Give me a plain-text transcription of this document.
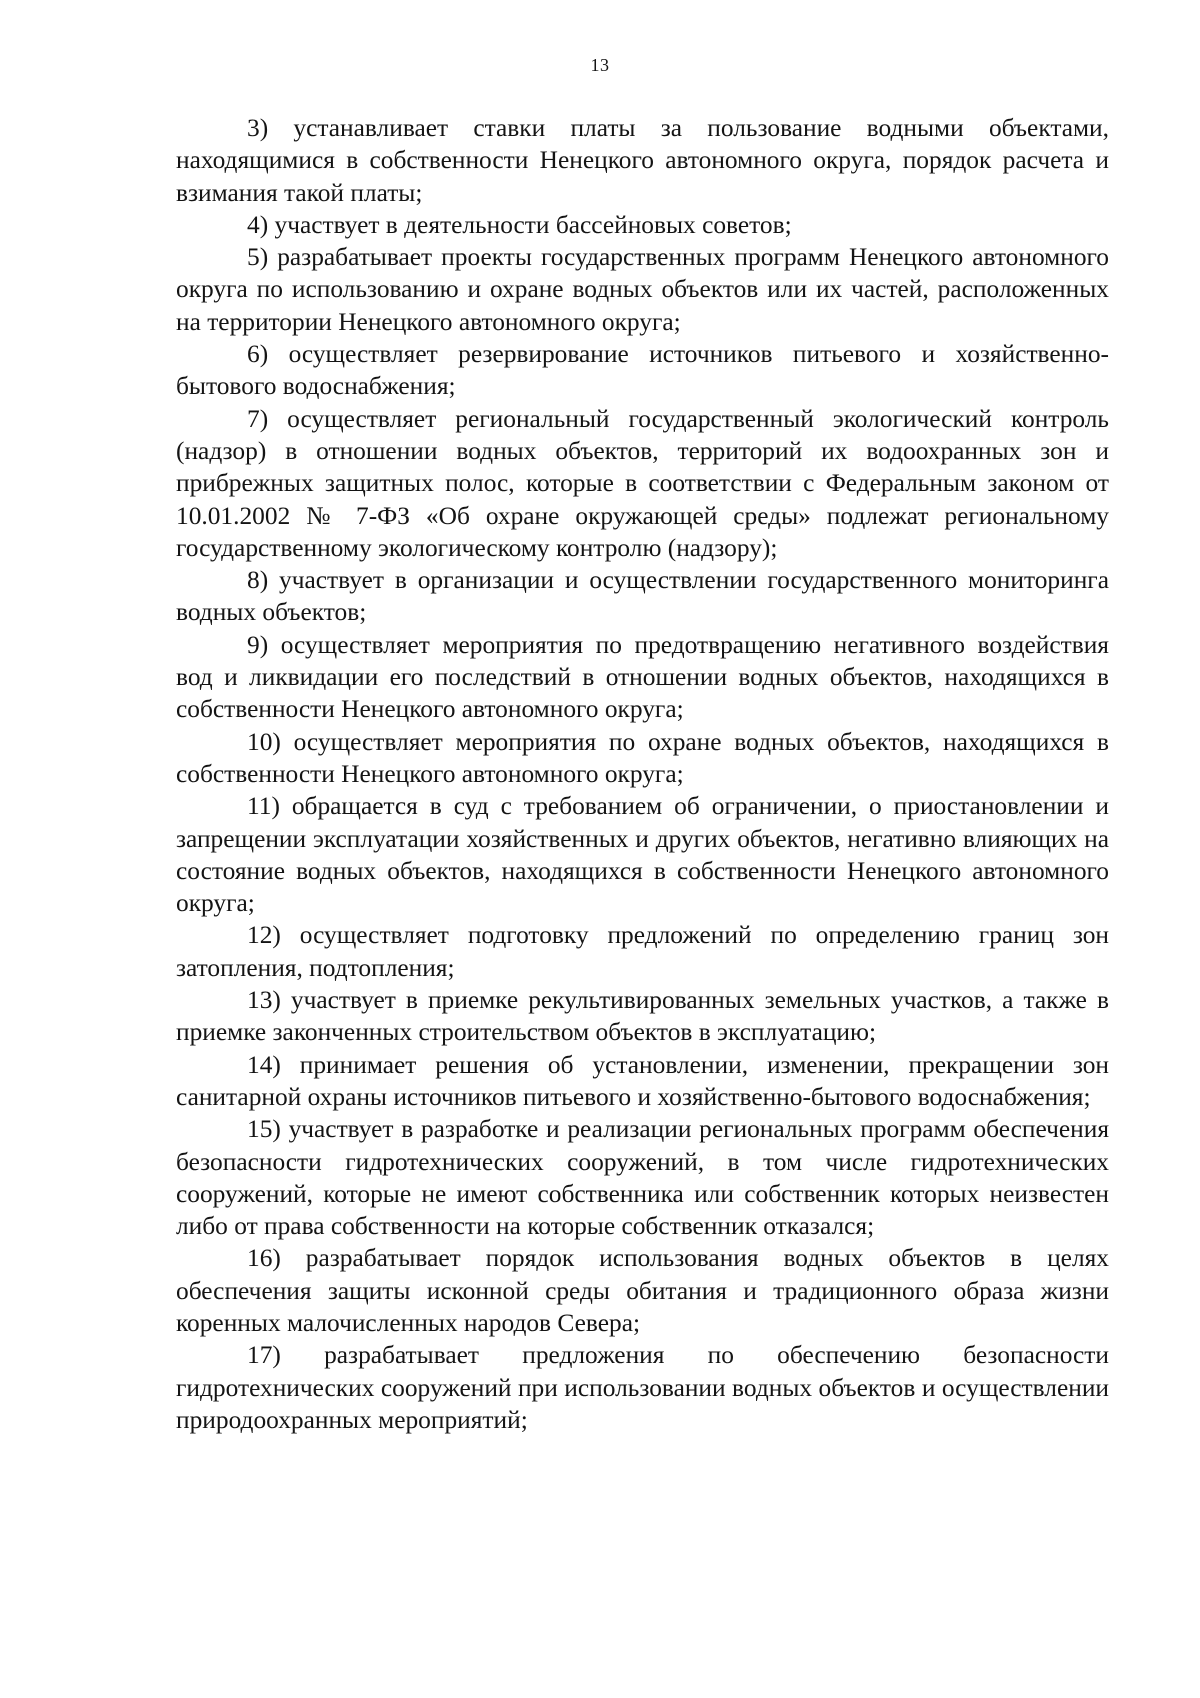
13

3) устанавливает ставки платы за пользование водными объектами, находящимися в собственности Ненецкого автономного округа, порядок расчета и взимания такой платы;

4) участвует в деятельности бассейновых советов;

5) разрабатывает проекты государственных программ Ненецкого автономного округа по использованию и охране водных объектов или их частей, расположенных на территории Ненецкого автономного округа;

6) осуществляет резервирование источников питьевого и хозяйственно-бытового водоснабжения;

7) осуществляет региональный государственный экологический контроль (надзор) в отношении водных объектов, территорий их водоохранных зон и прибрежных защитных полос, которые в соответствии с Федеральным законом от 10.01.2002 № 7-ФЗ «Об охране окружающей среды» подлежат региональному государственному экологическому контролю (надзору);

8) участвует в организации и осуществлении государственного мониторинга водных объектов;

9) осуществляет мероприятия по предотвращению негативного воздействия вод и ликвидации его последствий в отношении водных объектов, находящихся в собственности Ненецкого автономного округа;

10) осуществляет мероприятия по охране водных объектов, находящихся в собственности Ненецкого автономного округа;

11) обращается в суд с требованием об ограничении, о приостановлении и запрещении эксплуатации хозяйственных и других объектов, негативно влияющих на состояние водных объектов, находящихся в собственности Ненецкого автономного округа;

12) осуществляет подготовку предложений по определению границ зон затопления, подтопления;

13) участвует в приемке рекультивированных земельных участков, а также в приемке законченных строительством объектов в эксплуатацию;

14) принимает решения об установлении, изменении, прекращении зон санитарной охраны источников питьевого и хозяйственно-бытового водоснабжения;

15) участвует в разработке и реализации региональных программ обеспечения безопасности гидротехнических сооружений, в том числе гидротехнических сооружений, которые не имеют собственника или собственник которых неизвестен либо от права собственности на которые собственник отказался;

16) разрабатывает порядок использования водных объектов в целях обеспечения защиты исконной среды обитания и традиционного образа жизни коренных малочисленных народов Севера;

17) разрабатывает предложения по обеспечению безопасности гидротехнических сооружений при использовании водных объектов и осуществлении природоохранных мероприятий;
